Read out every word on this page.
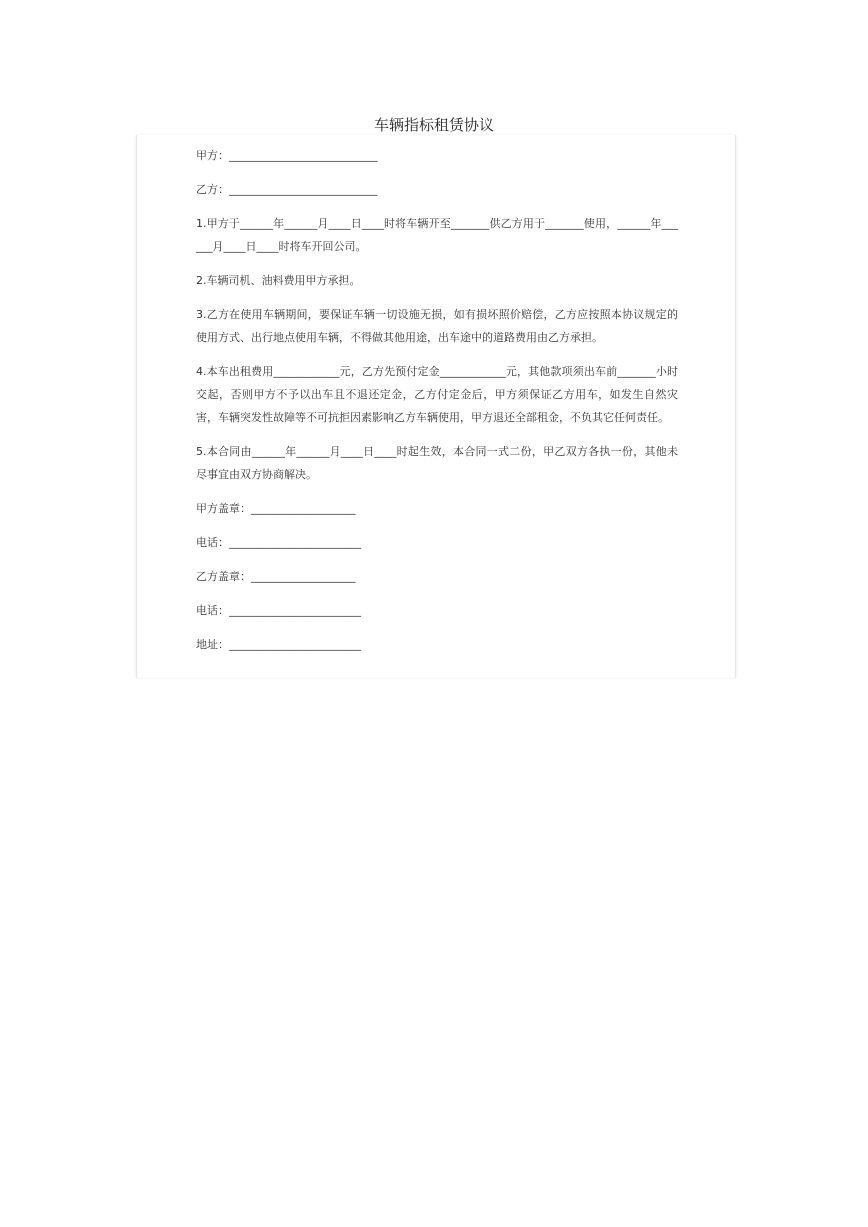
车辆指标租赁协议

甲方：___________________________

乙方：___________________________

1.甲方于______年______月____日____时将车辆开至_______供乙方用于_______使用，______年______月____日____时将车开回公司。

2.车辆司机、油料费用甲方承担。

3.乙方在使用车辆期间，要保证车辆一切设施无损，如有损坏照价赔偿，乙方应按照本协议规定的使用方式、出行地点使用车辆，不得做其他用途，出车途中的道路费用由乙方承担。

4.本车出租费用____________元，乙方先预付定金____________元，其他款项须出车前_______小时交起，否则甲方不予以出车且不退还定金，乙方付定金后，甲方须保证乙方用车，如发生自然灾害，车辆突发性故障等不可抗拒因素影响乙方车辆使用，甲方退还全部租金，不负其它任何责任。

5.本合同由______年______月____日____时起生效，本合同一式二份，甲乙双方各执一份，其他未尽事宜由双方协商解决。

甲方盖章：___________________

电话：________________________

乙方盖章：___________________

电话：________________________

地址：________________________
